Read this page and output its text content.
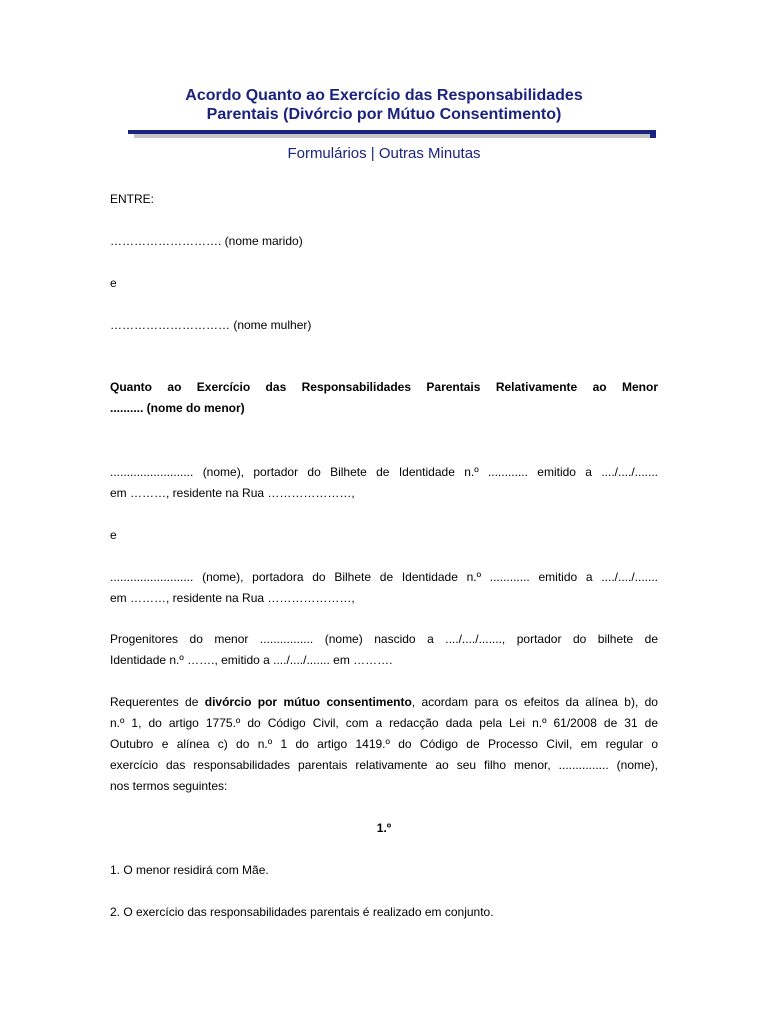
Acordo Quanto ao Exercício das Responsabilidades
Parentais (Divórcio por Mútuo Consentimento)
Formulários | Outras Minutas
ENTRE:
………………………. (nome marido)
e
………………………… (nome mulher)

Quanto ao Exercício das Responsabilidades Parentais Relativamente ao Menor

.......... (nome do menor)

......................... (nome), portador do Bilhete de Identidade n.º ............ emitido a ..../..../.......

em ………, residente na Rua …………………,

e

......................... (nome), portadora do Bilhete de Identidade n.º ............ emitido a ..../..../.......

em ………, residente na Rua …………………,

Progenitores do menor ................ (nome) nascido a ..../..../......., portador do bilhete de

Identidade n.º ……., emitido a ..../..../....... em ……….

Requerentes de divórcio por mútuo consentimento, acordam para os efeitos da alínea b), do

n.º 1, do artigo 1775.º do Código Civil, com a redacção dada pela Lei n.º 61/2008 de 31 de

Outubro e alínea c) do n.º 1 do artigo 1419.º do Código de Processo Civil, em regular o

exercício das responsabilidades parentais relativamente ao seu filho menor, ............... (nome),

nos termos seguintes:

1.º
1. O menor residirá com Mãe.
2. O exercício das responsabilidades parentais é realizado em conjunto.
